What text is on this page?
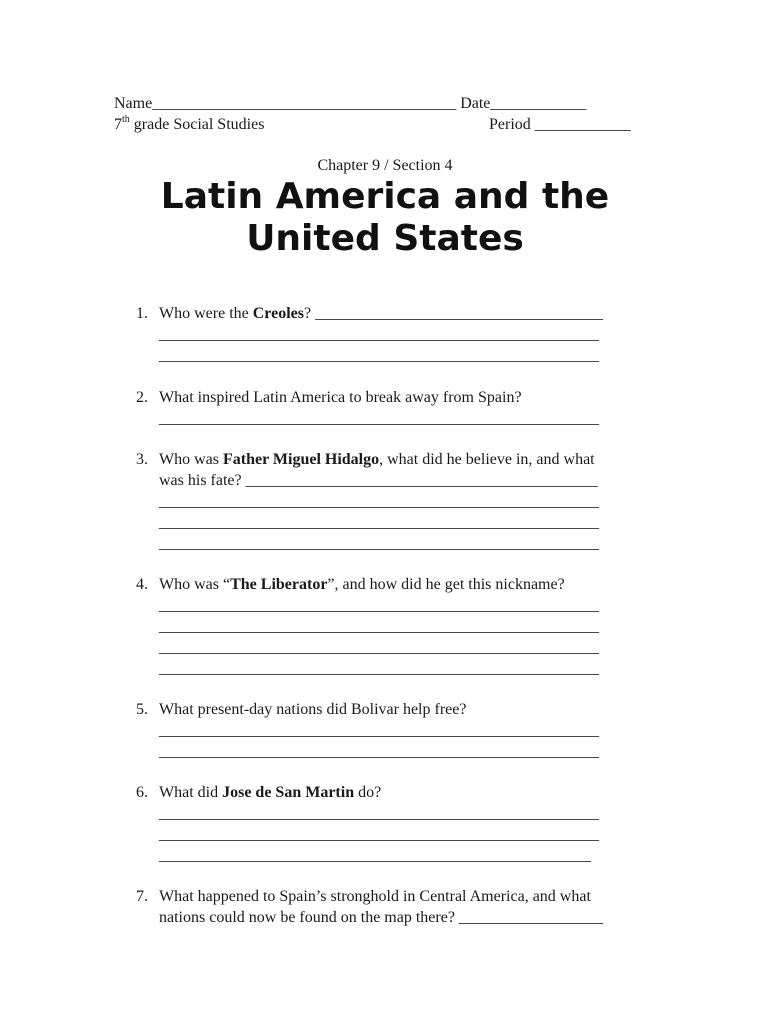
Name______________________________________ Date____________
7th grade Social Studies	Period ____________
Chapter 9 / Section 4
Latin America and the
United States
1. Who were the Creoles? ____________________________________
_______________________________________________________
_______________________________________________________
2. What inspired Latin America to break away from Spain?
_______________________________________________________
3. Who was Father Miguel Hidalgo, what did he believe in, and what
was his fate? ____________________________________________
_______________________________________________________
_______________________________________________________
_______________________________________________________
4. Who was “The Liberator”, and how did he get this nickname?
_______________________________________________________
_______________________________________________________
_______________________________________________________
_______________________________________________________
5. What present-day nations did Bolivar help free?
_______________________________________________________
_______________________________________________________
6. What did Jose de San Martin do?
_______________________________________________________
_______________________________________________________
______________________________________________________
7. What happened to Spain’s stronghold in Central America, and what
nations could now be found on the map there? __________________
